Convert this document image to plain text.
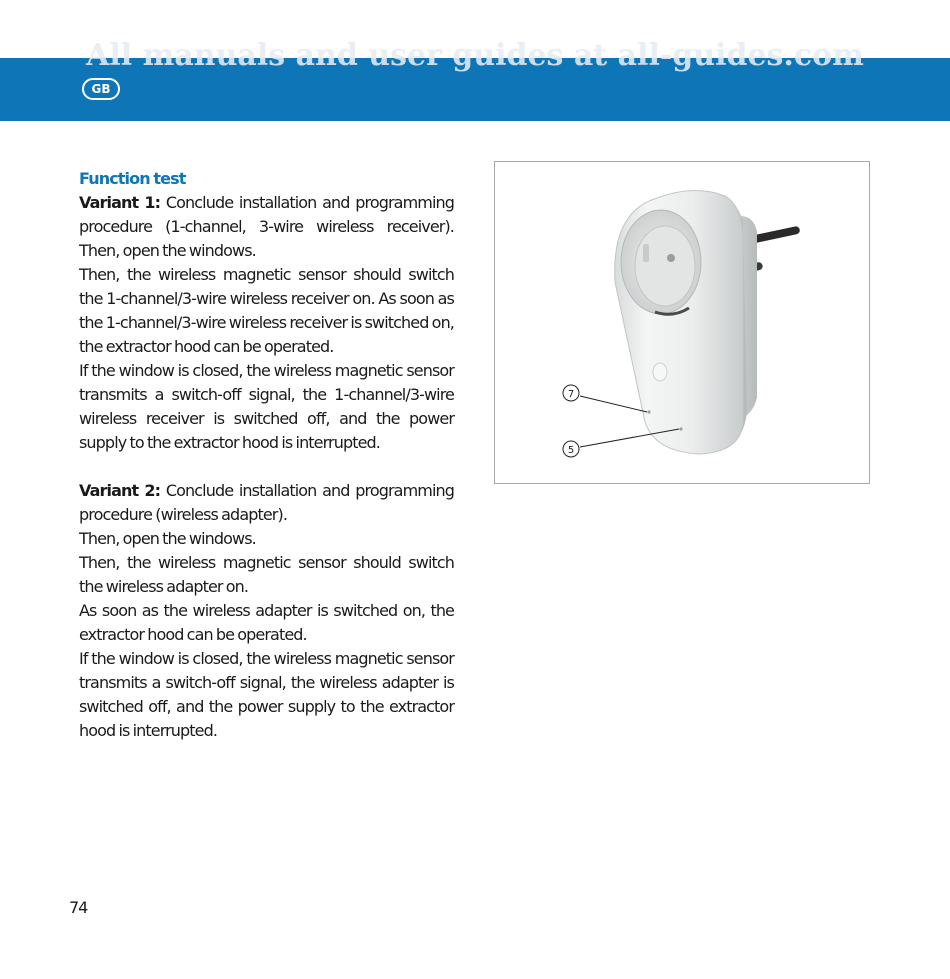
All manuals and user guides at all-guides.com
GB

Function test

Variant 1: Conclude installation and programming procedure (1-channel, 3-wire wireless receiver). Then, open the windows.

Then, the wireless magnetic sensor should switch the 1-channel/3-wire wireless receiver on. As soon as the 1-channel/3-wire wireless receiver is switched on, the extractor hood can be operated.

If the window is closed, the wireless magnetic sensor transmits a switch-off signal, the 1-channel/3-wire wireless receiver is switched off, and the power supply to the extractor hood is interrupted.

Variant 2: Conclude installation and programming procedure (wireless adapter).

Then, open the windows.

Then, the wireless magnetic sensor should switch the wireless adapter on.

As soon as the wireless adapter is switched on, the extractor hood can be operated.

If the window is closed, the wireless magnetic sensor transmits a switch-off signal, the wireless adapter is switched off, and the power supply to the extractor hood is interrupted.

7
5
74
